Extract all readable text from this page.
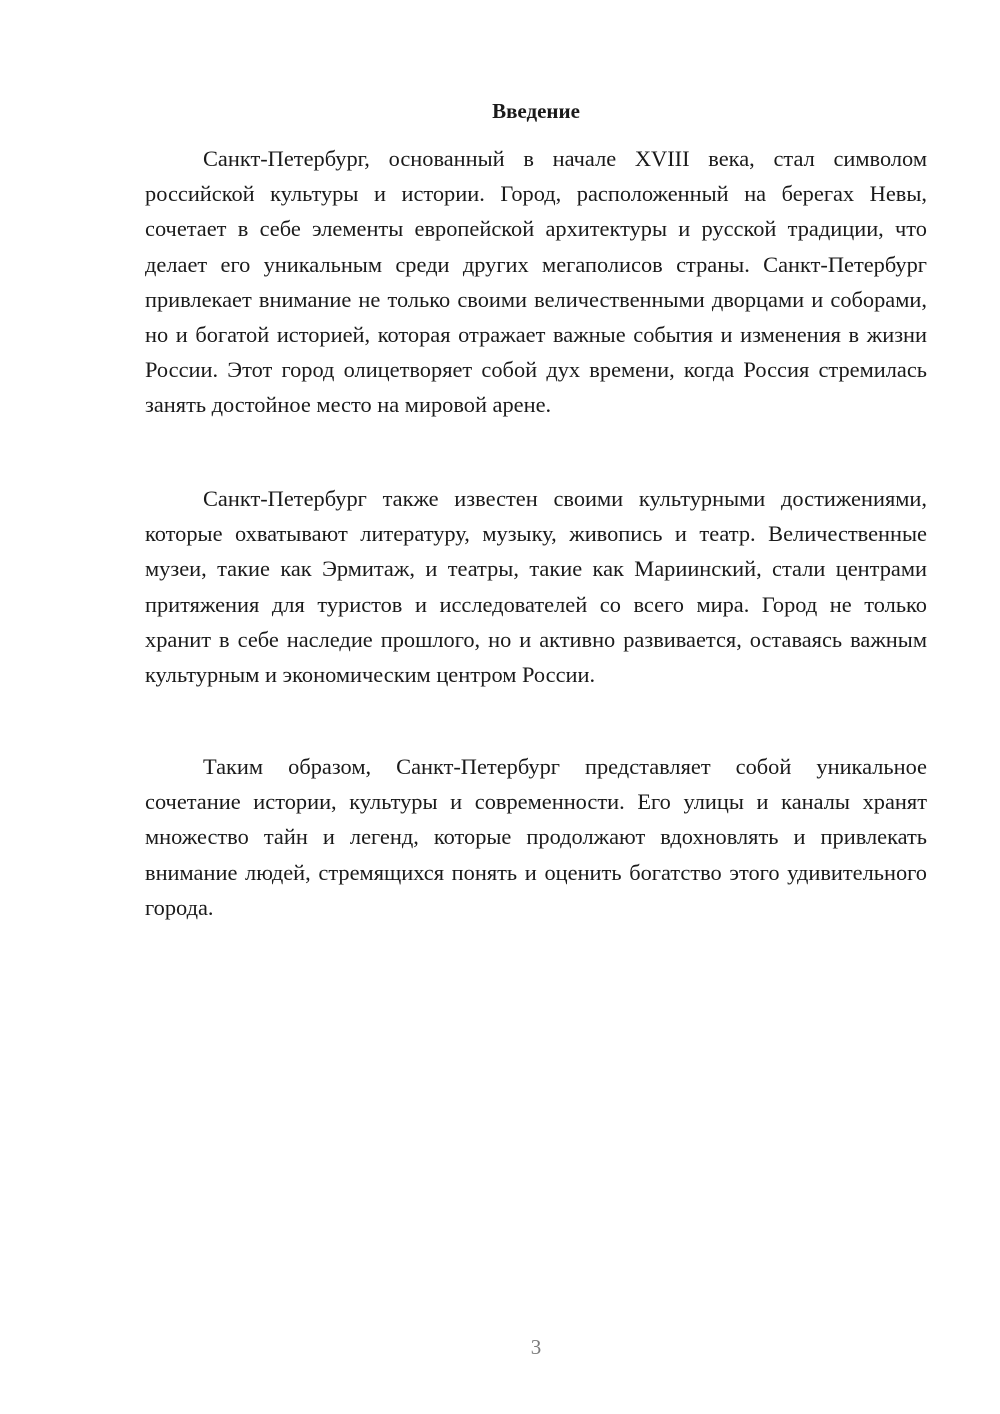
Введение

Санкт-Петербург, основанный в начале XVIII века, стал символом российской культуры и истории. Город, расположенный на берегах Невы, сочетает в себе элементы европейской архитектуры и русской традиции, что делает его уникальным среди других мегаполисов страны. Санкт-Петербург привлекает внимание не только своими величественными дворцами и соборами, но и богатой историей, которая отражает важные события и изменения в жизни России. Этот город олицетворяет собой дух времени, когда Россия стремилась занять достойное место на мировой арене.

Санкт-Петербург также известен своими культурными достижениями, которые охватывают литературу, музыку, живопись и театр. Величественные музеи, такие как Эрмитаж, и театры, такие как Мариинский, стали центрами притяжения для туристов и исследователей со всего мира. Город не только хранит в себе наследие прошлого, но и активно развивается, оставаясь важным культурным и экономическим центром России.

Таким образом, Санкт-Петербург представляет собой уникальное сочетание истории, культуры и современности. Его улицы и каналы хранят множество тайн и легенд, которые продолжают вдохновлять и привлекать внимание людей, стремящихся понять и оценить богатство этого удивительного города.

3
